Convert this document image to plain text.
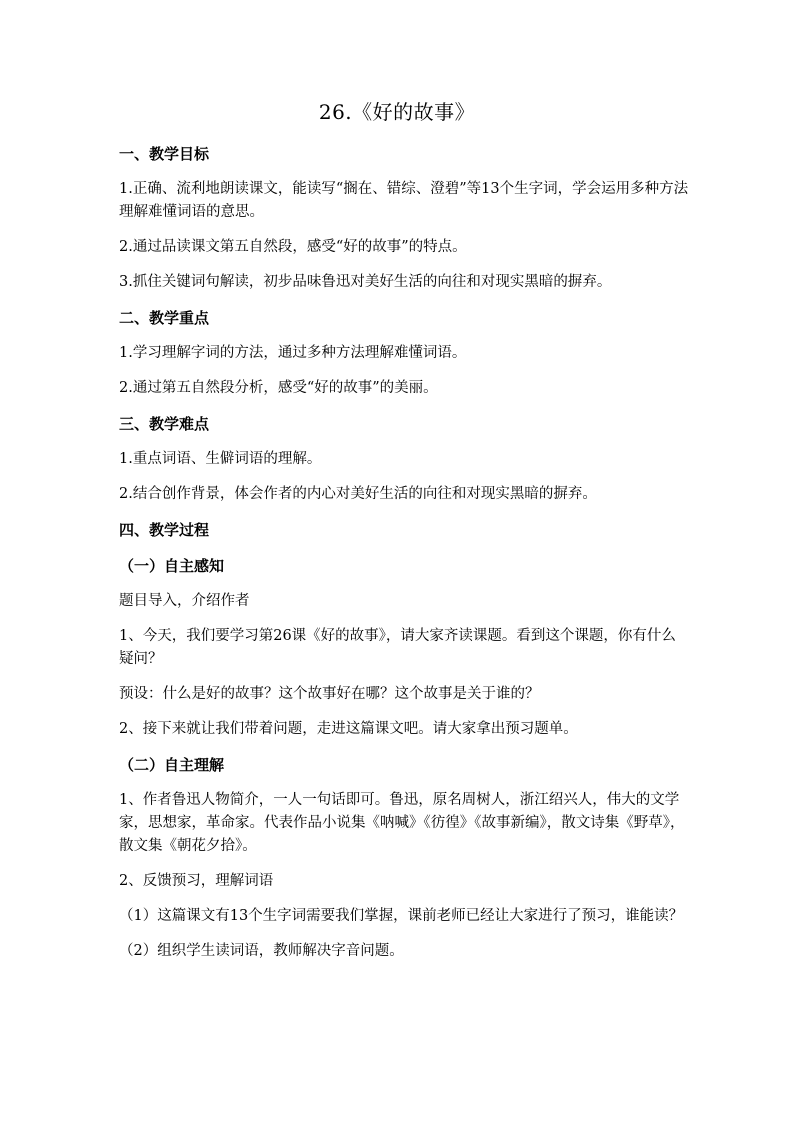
26.《好的故事》
一、教学目标

1.正确、流利地朗读课文，能读写“搁在、错综、澄碧”等13个生字词，学会运用多种方法理解难懂词语的意思。

2.通过品读课文第五自然段，感受“好的故事”的特点。

3.抓住关键词句解读，初步品味鲁迅对美好生活的向往和对现实黑暗的摒弃。

二、教学重点

1.学习理解字词的方法，通过多种方法理解难懂词语。

2.通过第五自然段分析，感受“好的故事”的美丽。

三、教学难点

1.重点词语、生僻词语的理解。

2.结合创作背景，体会作者的内心对美好生活的向往和对现实黑暗的摒弃。

四、教学过程
（一）自主感知

题目导入，介绍作者

1、今天，我们要学习第26课《好的故事》，请大家齐读课题。看到这个课题，你有什么疑问？

预设：什么是好的故事？这个故事好在哪？这个故事是关于谁的？

2、接下来就让我们带着问题，走进这篇课文吧。请大家拿出预习题单。

（二）自主理解

1、作者鲁迅人物简介，一人一句话即可。鲁迅，原名周树人，浙江绍兴人，伟大的文学家，思想家，革命家。代表作品小说集《呐喊》《彷徨》《故事新编》，散文诗集《野草》，散文集《朝花夕拾》。

2、反馈预习，理解词语

（1）这篇课文有13个生字词需要我们掌握，课前老师已经让大家进行了预习，谁能读？

（2）组织学生读词语，教师解决字音问题。
